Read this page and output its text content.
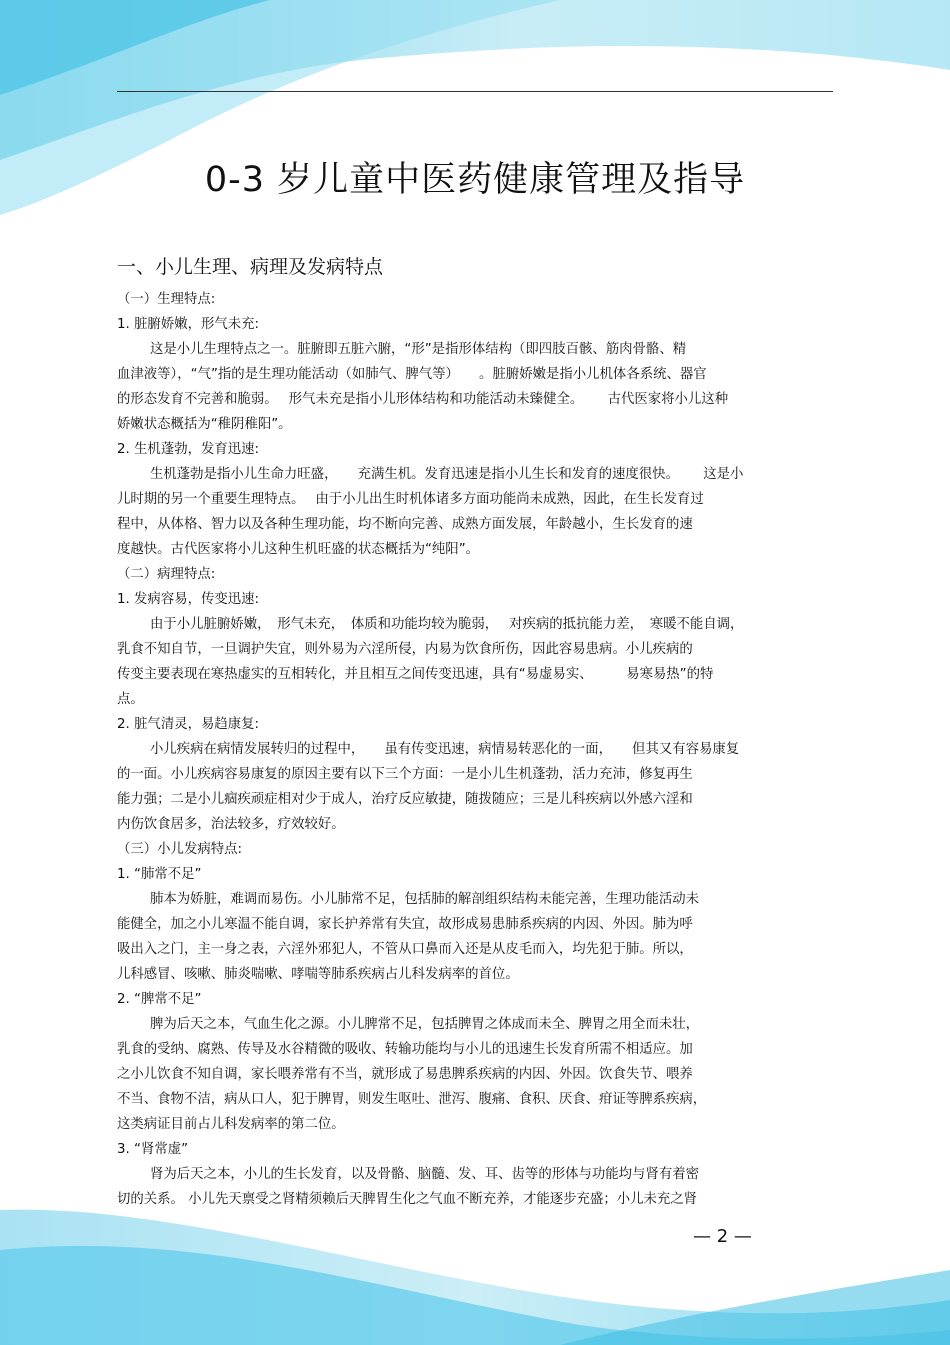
0-3 岁儿童中医药健康管理及指导
一、小儿生理、病理及发病特点
（一）生理特点:
1. 脏腑娇嫩，形气未充:
这是小儿生理特点之一。脏腑即五脏六腑，“形”是指形体结构（即四肢百骸、筋肉骨骼、精
血津液等），“气”指的是生理功能活动（如肺气、脾气等）　　。脏腑娇嫩是指小儿机体各系统、器官
的形态发育不完善和脆弱。　 形气未充是指小儿形体结构和功能活动未臻健全。　　 古代医家将小儿这种
娇嫩状态概括为“稚阴稚阳”。
2. 生机蓬勃，发育迅速:
生机蓬勃是指小儿生命力旺盛，　　充满生机。发育迅速是指小儿生长和发育的速度很快。　　 这是小
儿时期的另一个重要生理特点。　 由于小儿出生时机体诸多方面功能尚未成熟，因此，在生长发育过
程中，从体格、智力以及各种生理功能，均不断向完善、成熟方面发展，年龄越小，生长发育的速
度越快。古代医家将小儿这种生机旺盛的状态概括为“纯阳”。
（二）病理特点:
1. 发病容易，传变迅速:
由于小儿脏腑娇嫩，　形气未充，　体质和功能均较为脆弱，　 对疾病的抵抗能力差，　寒暖不能自调，
乳食不知自节，一旦调护失宜，则外易为六淫所侵，内易为饮食所伤，因此容易患病。小儿疾病的
传变主要表现在寒热虚实的互相转化，并且相互之间传变迅速，具有“易虚易实、　　　易寒易热”的特
点。
2. 脏气清灵，易趋康复:
小儿疾病在病情发展转归的过程中，　　虽有传变迅速，病情易转恶化的一面，　　但其又有容易康复
的一面。小儿疾病容易康复的原因主要有以下三个方面：一是小儿生机蓬勃，活力充沛，修复再生
能力强；二是小儿痼疾顽症相对少于成人，治疗反应敏捷，随拨随应；三是儿科疾病以外感六淫和
内伤饮食居多，治法较多，疗效较好。
（三）小儿发病特点:
1. “肺常不足”
肺本为娇脏，难调而易伤。小儿肺常不足，包括肺的解剖组织结构未能完善，生理功能活动未
能健全，加之小儿寒温不能自调，家长护养常有失宜，故形成易患肺系疾病的内因、外因。肺为呼
吸出入之门，主一身之表，六淫外邪犯人，不管从口鼻而入还是从皮毛而入，均先犯于肺。所以，
儿科感冒、咳嗽、肺炎喘嗽、哮喘等肺系疾病占儿科发病率的首位。
2. “脾常不足”
脾为后天之本，气血生化之源。小儿脾常不足，包括脾胃之体成而未全、脾胃之用全而未壮，
乳食的受纳、腐熟、传导及水谷精微的吸收、转输功能均与小儿的迅速生长发育所需不相适应。加
之小儿饮食不知自调，家长喂养常有不当，就形成了易患脾系疾病的内因、外因。饮食失节、喂养
不当、食物不洁，病从口人，犯于脾胃，则发生呕吐、泄泻、腹痛、食积、厌食、疳证等脾系疾病，
这类病证目前占儿科发病率的第二位。
3. “肾常虚”
肾为后天之本，小儿的生长发育，以及骨骼、脑髓、发、耳、齿等的形体与功能均与肾有着密
切的关系。 小儿先天禀受之肾精须赖后天脾胃生化之气血不断充养，才能逐步充盛；小儿未充之肾
— 2 —
